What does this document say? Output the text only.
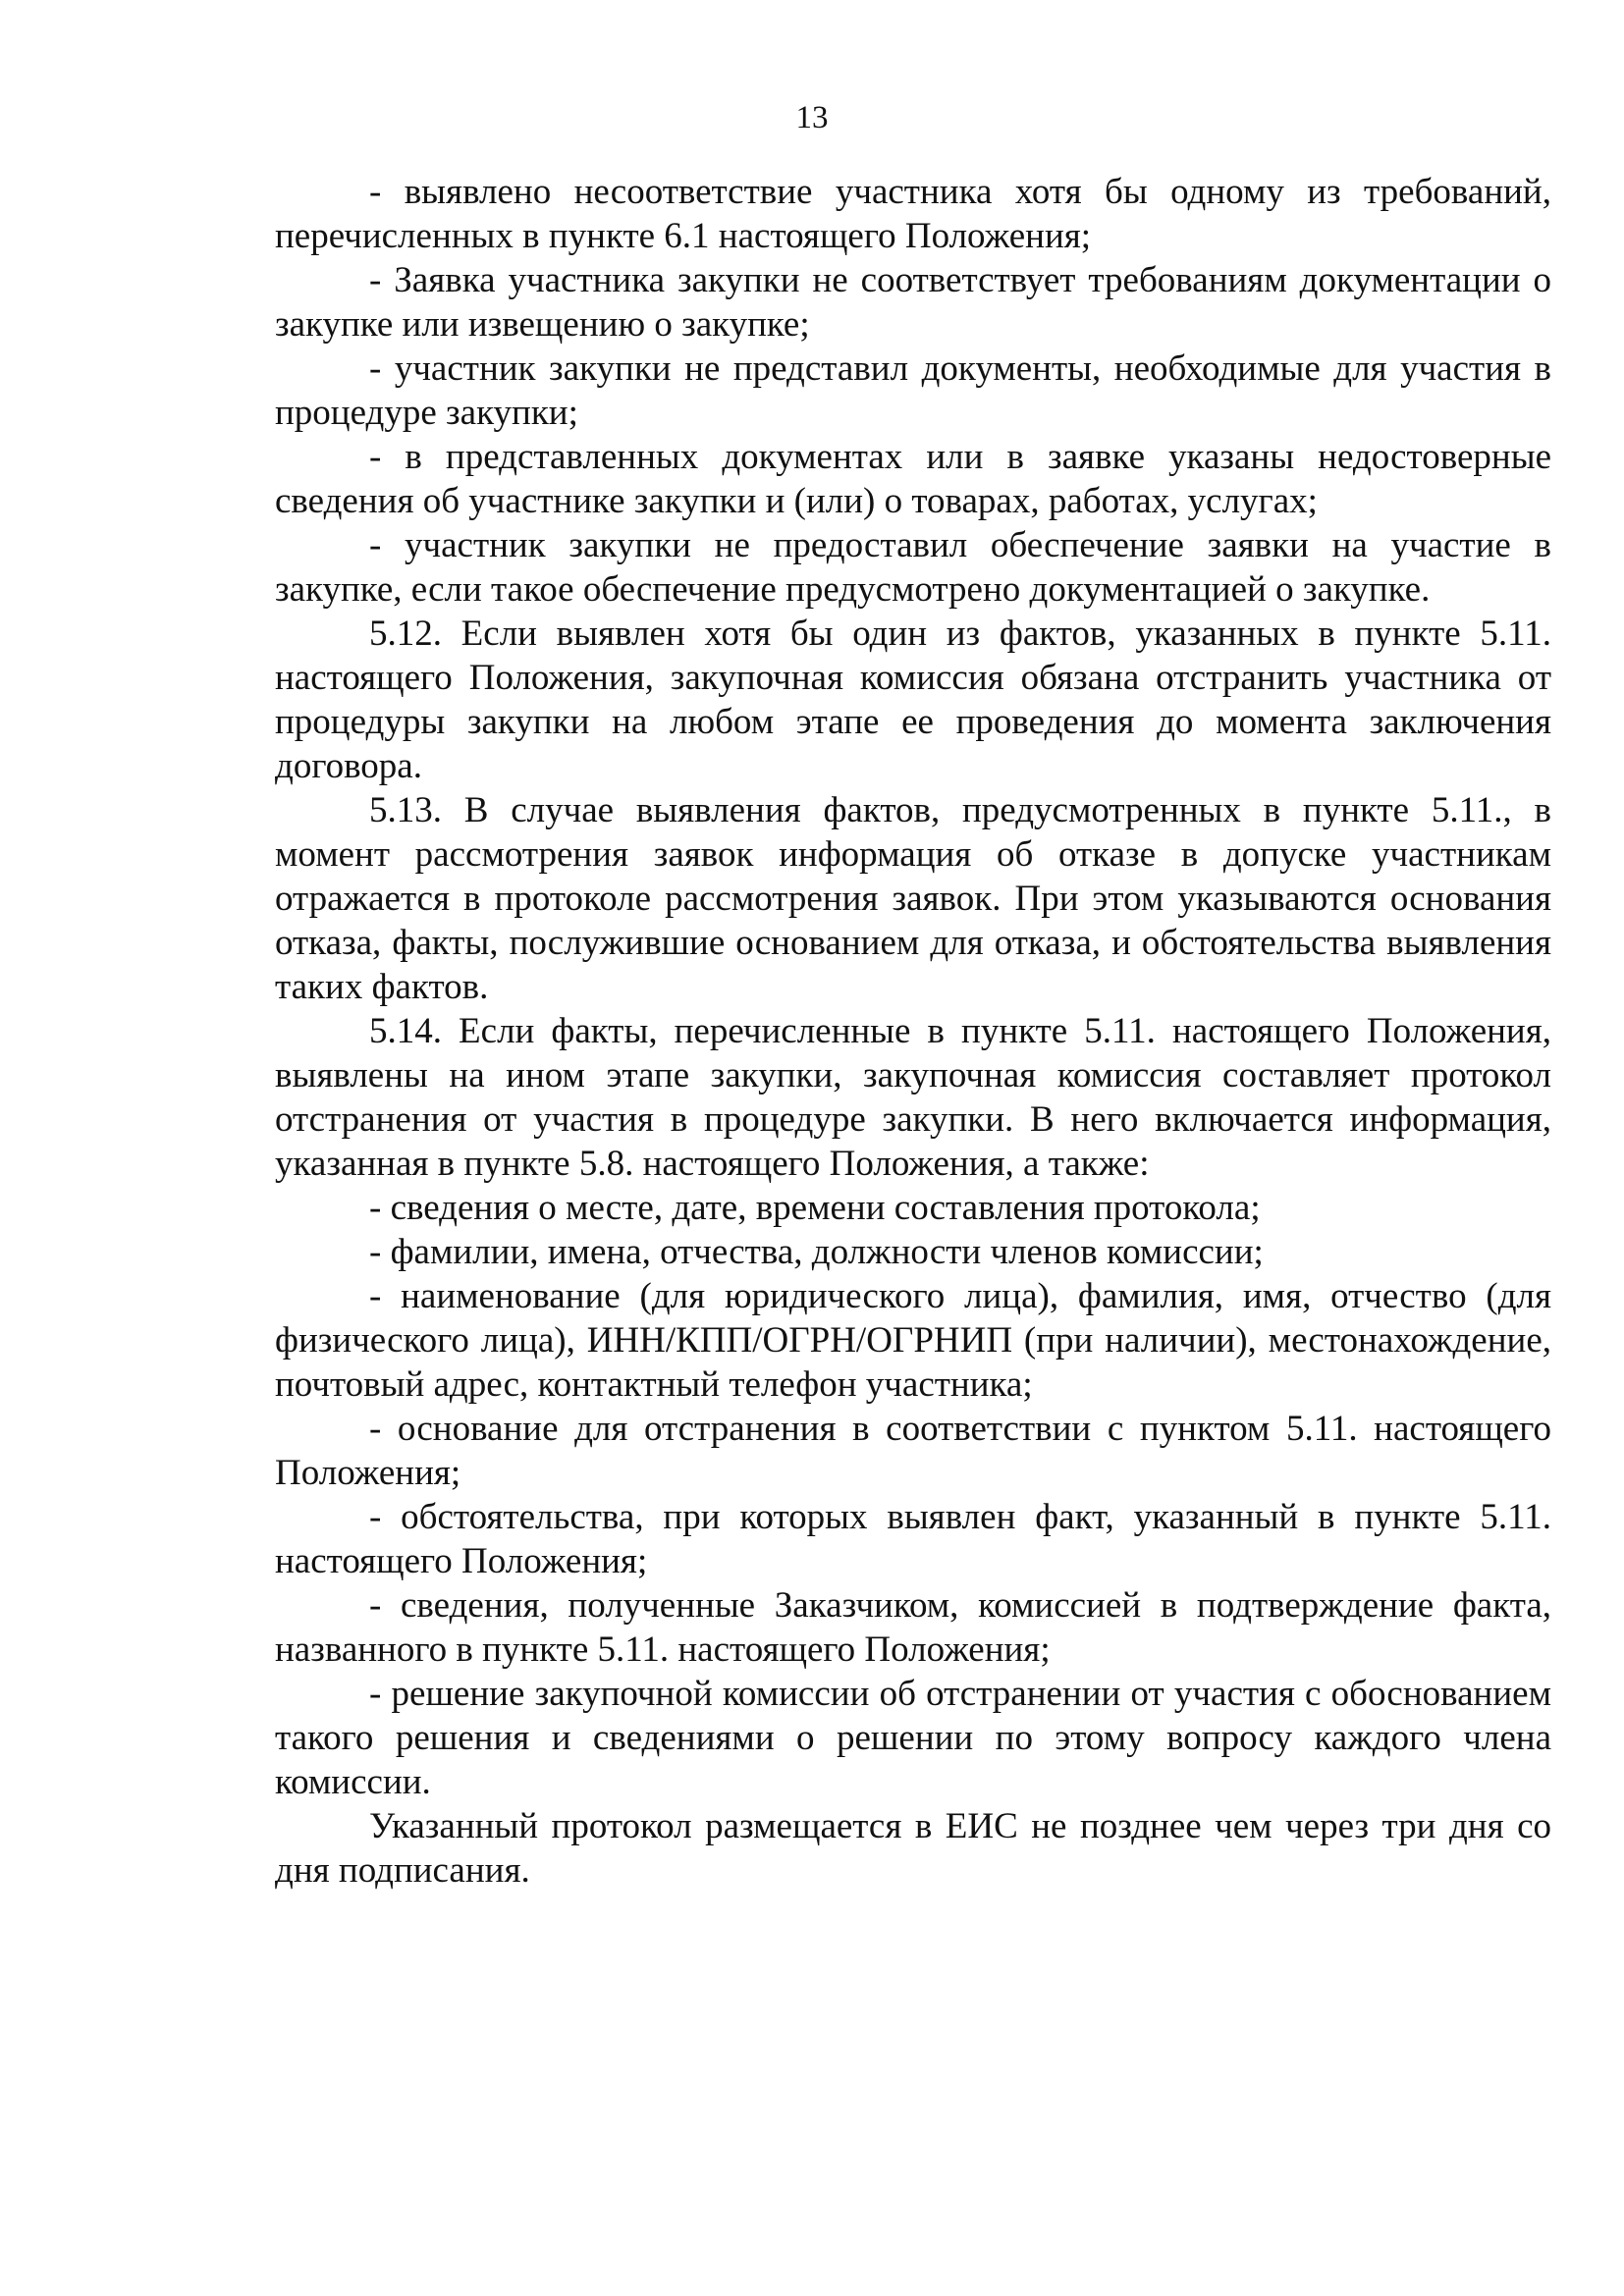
13

- выявлено несоответствие участника хотя бы одному из требований, перечисленных в пункте 6.1 настоящего Положения;

- Заявка участника закупки не соответствует требованиям документации о закупке или извещению о закупке;

- участник закупки не представил документы, необходимые для участия в процедуре закупки;

- в представленных документах или в заявке указаны недостоверные сведения об участнике закупки и (или) о товарах, работах, услугах;

- участник закупки не предоставил обеспечение заявки на участие в закупке, если такое обеспечение предусмотрено документацией о закупке.

5.12. Если выявлен хотя бы один из фактов, указанных в пункте 5.11. настоящего Положения, закупочная комиссия обязана отстранить участника от процедуры закупки на любом этапе ее проведения до момента заключения договора.

5.13. В случае выявления фактов, предусмотренных в пункте 5.11., в момент рассмотрения заявок информация об отказе в допуске участникам отражается в протоколе рассмотрения заявок. При этом указываются основания отказа, факты, послужившие основанием для отказа, и обстоятельства выявления таких фактов.

5.14. Если факты, перечисленные в пункте 5.11. настоящего Положения, выявлены на ином этапе закупки, закупочная комиссия составляет протокол отстранения от участия в процедуре закупки. В него включается информация, указанная в пункте 5.8. настоящего Положения, а также:

- сведения о месте, дате, времени составления протокола;

- фамилии, имена, отчества, должности членов комиссии;

- наименование (для юридического лица), фамилия, имя, отчество (для физического лица), ИНН/КПП/ОГРН/ОГРНИП (при наличии), местонахождение, почтовый адрес, контактный телефон участника;

- основание для отстранения в соответствии с пунктом 5.11. настоящего Положения;

- обстоятельства, при которых выявлен факт, указанный в пункте 5.11. настоящего Положения;

- сведения, полученные Заказчиком, комиссией в подтверждение факта, названного в пункте 5.11. настоящего Положения;

- решение закупочной комиссии об отстранении от участия с обоснованием такого решения и сведениями о решении по этому вопросу каждого члена комиссии.

Указанный протокол размещается в ЕИС не позднее чем через три дня со дня подписания.
